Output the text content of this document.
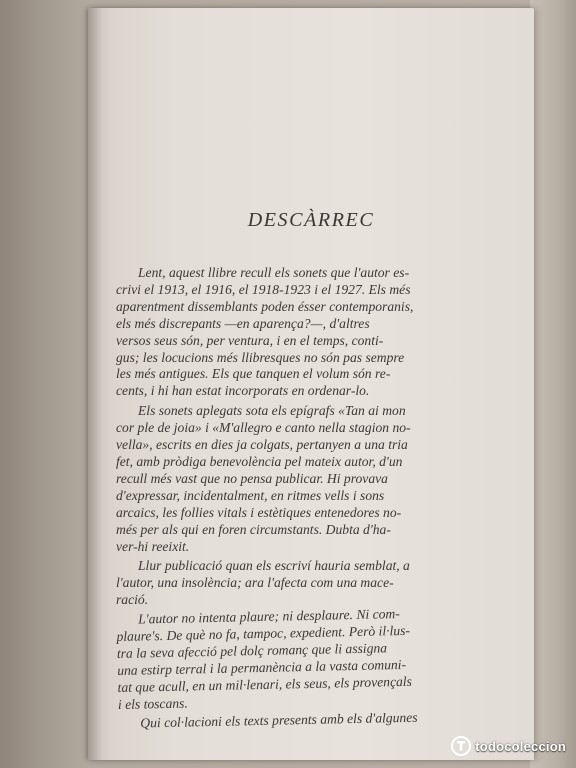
DESCÀRREC
Lent, aquest llibre recull els sonets que l'autor es-
crivi el 1913, el 1916, el 1918-1923 i el 1927. Els més
aparentment dissemblants poden ésser contemporanis,
els més discrepants —en aparença?—, d'altres
versos seus són, per ventura, i en el temps, conti-
gus; les locucions més llibresques no són pas sempre
les més antigues. Els que tanquen el volum són re-
cents, i hi han estat incorporats en ordenar-lo.
Els sonets aplegats sota els epígrafs «Tan ai mon
cor ple de joia» i «M'allegro e canto nella stagion no-
vella», escrits en dies ja colgats, pertanyen a una tria
fet, amb pròdiga benevolència pel mateix autor, d'un
recull més vast que no pensa publicar. Hi provava
d'expressar, incidentalment, en ritmes vells i sons
arcaics, les follies vitals i estètiques entenedores no-
més per als qui en foren circumstants. Dubta d'ha-
ver-hi reeixit.
Llur publicació quan els escriví hauria semblat, a
l'autor, una insolència; ara l'afecta com una mace-
ració.
L'autor no intenta plaure; ni desplaure. Ni com-
plaure's. De què no fa, tampoc, expedient. Però il·lus-
tra la seva afecció pel dolç romanç que li assigna
una estirp terral i la permanència a la vasta comuni-
tat que acull, en un mil·lenari, els seus, els provençals
i els toscans.
Qui col·lacioni els texts presents amb els d'algunes
todocoleccion
